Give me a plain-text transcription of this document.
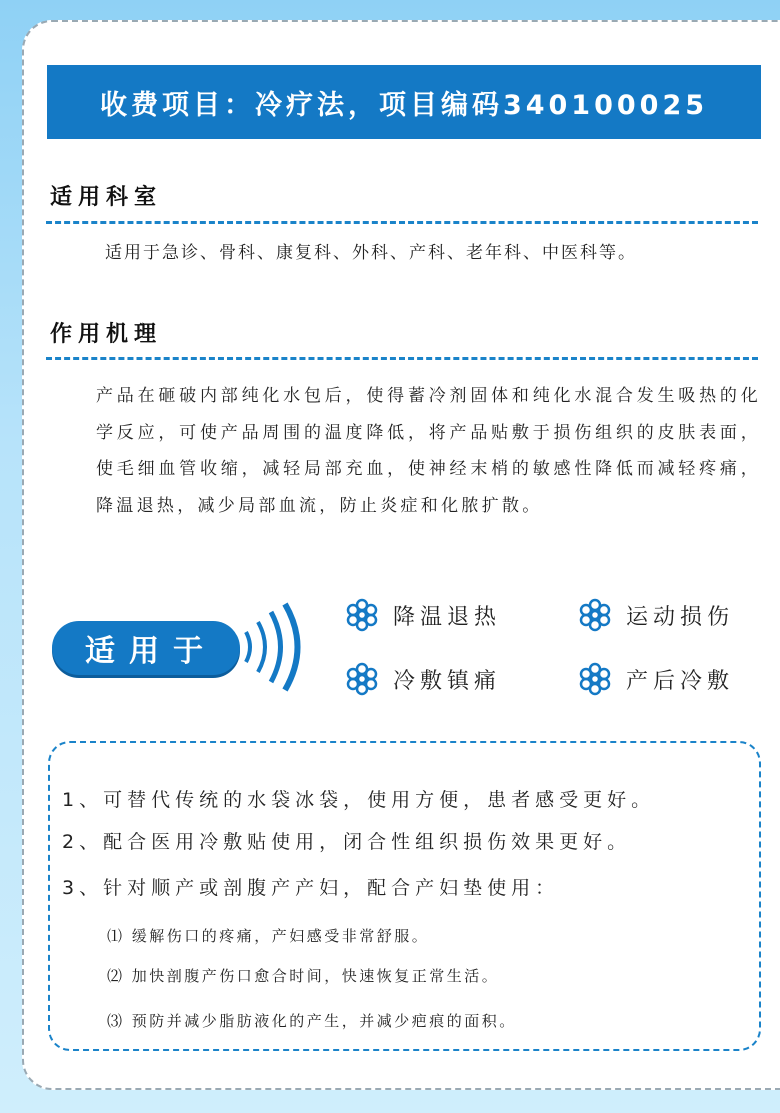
收费项目：冷疗法，项目编码340100025
适用科室
适用于急诊、骨科、康复科、外科、产科、老年科、中医科等。
作用机理
产品在砸破内部纯化水包后，使得蓄冷剂固体和纯化水混合发生吸热的化学反应，可使产品周围的温度降低，将产品贴敷于损伤组织的皮肤表面，使毛细血管收缩，减轻局部充血，使神经末梢的敏感性降低而减轻疼痛，降温退热，减少局部血流，防止炎症和化脓扩散。
适用于
降温退热	运动损伤
冷敷镇痛	产后冷敷
1、可替代传统的水袋冰袋，使用方便，患者感受更好。
2、配合医用冷敷贴使用，闭合性组织损伤效果更好。
3、针对顺产或剖腹产产妇，配合产妇垫使用：
⑴ 缓解伤口的疼痛，产妇感受非常舒服。
⑵ 加快剖腹产伤口愈合时间，快速恢复正常生活。
⑶ 预防并减少脂肪液化的产生，并减少疤痕的面积。
